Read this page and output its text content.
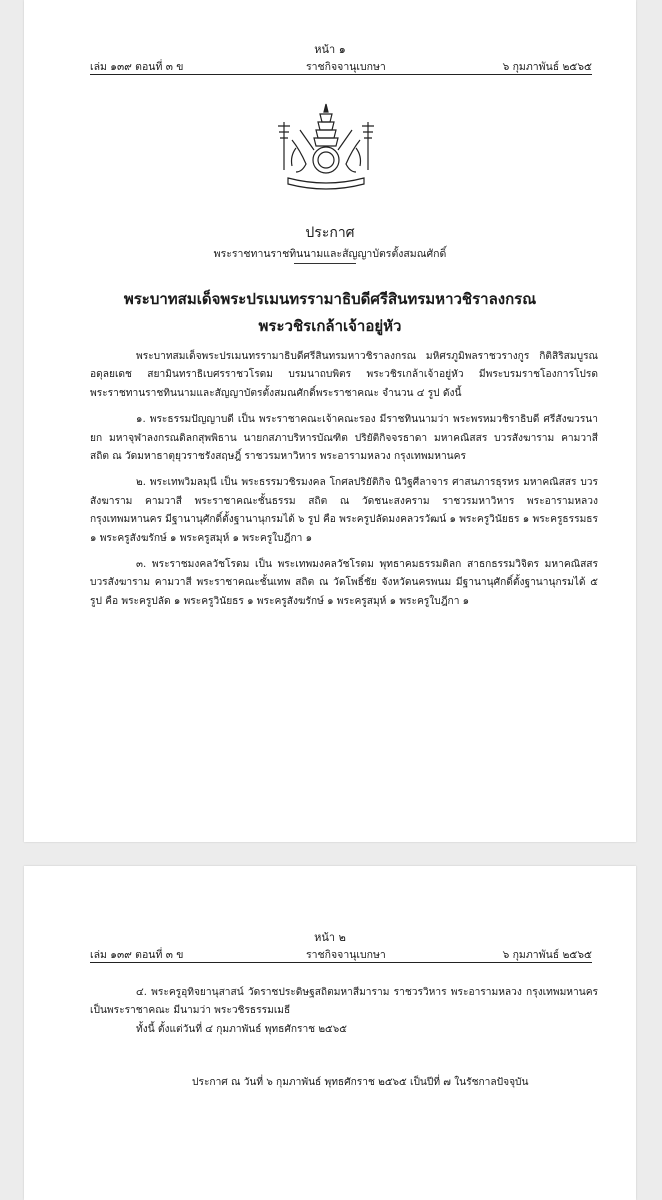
หน้า ๑
เล่ม ๑๓๙ ตอนที่ ๓ ข	ราชกิจจานุเบกษา	๖ กุมภาพันธ์ ๒๕๖๕
ประกาศ
พระราชทานราชทินนามและสัญญาบัตรตั้งสมณศักดิ์
พระบาทสมเด็จพระปรเมนทรรามาธิบดีศรีสินทรมหาวชิราลงกรณ
พระวชิรเกล้าเจ้าอยู่หัว

พระบาทสมเด็จพระปรเมนทรรามาธิบดีศรีสินทรมหาวชิราลงกรณ มหิศรภูมิพลราชวรางกูร กิติสิริสมบูรณอดุลยเดช สยามินทราธิเบศรราชวโรดม บรมนาถบพิตร พระวชิรเกล้าเจ้าอยู่หัว มีพระบรมราชโองการโปรดพระราชทานราชทินนามและสัญญาบัตรตั้งสมณศักดิ์พระราชาคณะ จำนวน ๔ รูป ดังนี้

๑. พระธรรมปัญญาบดี เป็น พระราชาคณะเจ้าคณะรอง มีราชทินนามว่า พระพรหมวชิราธิบดี ศรีสังฆวรนายก มหาจุฬาลงกรณดิลกสุพพิธาน นายกสภาบริหารบัณฑิต ปริยัติกิจจรธาดา มหาคณิสสร บวรสังฆาราม คามวาสี สถิต ณ วัดมหาธาตุยุวราชรังสฤษฎิ์ ราชวรมหาวิหาร พระอารามหลวง กรุงเทพมหานคร

๒. พระเทพวิมลมุนี เป็น พระธรรมวชิรมงคล โกศลปริยัติกิจ นิวิฐศีลาจาร ศาสนภารธุรหร มหาคณิสสร บวรสังฆาราม คามวาสี พระราชาคณะชั้นธรรม สถิต ณ วัดชนะสงคราม ราชวรมหาวิหาร พระอารามหลวง กรุงเทพมหานคร มีฐานานุศักดิ์ตั้งฐานานุกรมได้ ๖ รูป คือ พระครูปลัดมงคลวรวัฒน์ ๑ พระครูวินัยธร ๑ พระครูธรรมธร ๑ พระครูสังฆรักษ์ ๑ พระครูสมุห์ ๑ พระครูใบฎีกา ๑

๓. พระราชมงคลวัชโรดม เป็น พระเทพมงคลวัชโรดม พุทธาคมธรรมดิลก สาธกธรรมวิจิตร มหาคณิสสร บวรสังฆาราม คามวาสี พระราชาคณะชั้นเทพ สถิต ณ วัดโพธิ์ชัย จังหวัดนครพนม มีฐานานุศักดิ์ตั้งฐานานุกรมได้ ๕ รูป คือ พระครูปลัด ๑ พระครูวินัยธร ๑ พระครูสังฆรักษ์ ๑ พระครูสมุห์ ๑ พระครูใบฎีกา ๑

หน้า ๒
เล่ม ๑๓๙ ตอนที่ ๓ ข	ราชกิจจานุเบกษา	๖ กุมภาพันธ์ ๒๕๖๕

๔. พระครูอุทิจยานุสาสน์ วัดราชประดิษฐสถิตมหาสีมาราม ราชวรวิหาร พระอารามหลวง กรุงเทพมหานคร เป็นพระราชาคณะ มีนามว่า พระวชิรธรรมเมธี

ทั้งนี้ ตั้งแต่วันที่ ๔ กุมภาพันธ์ พุทธศักราช ๒๕๖๕

ประกาศ ณ วันที่ ๖ กุมภาพันธ์ พุทธศักราช ๒๕๖๕ เป็นปีที่ ๗ ในรัชกาลปัจจุบัน
